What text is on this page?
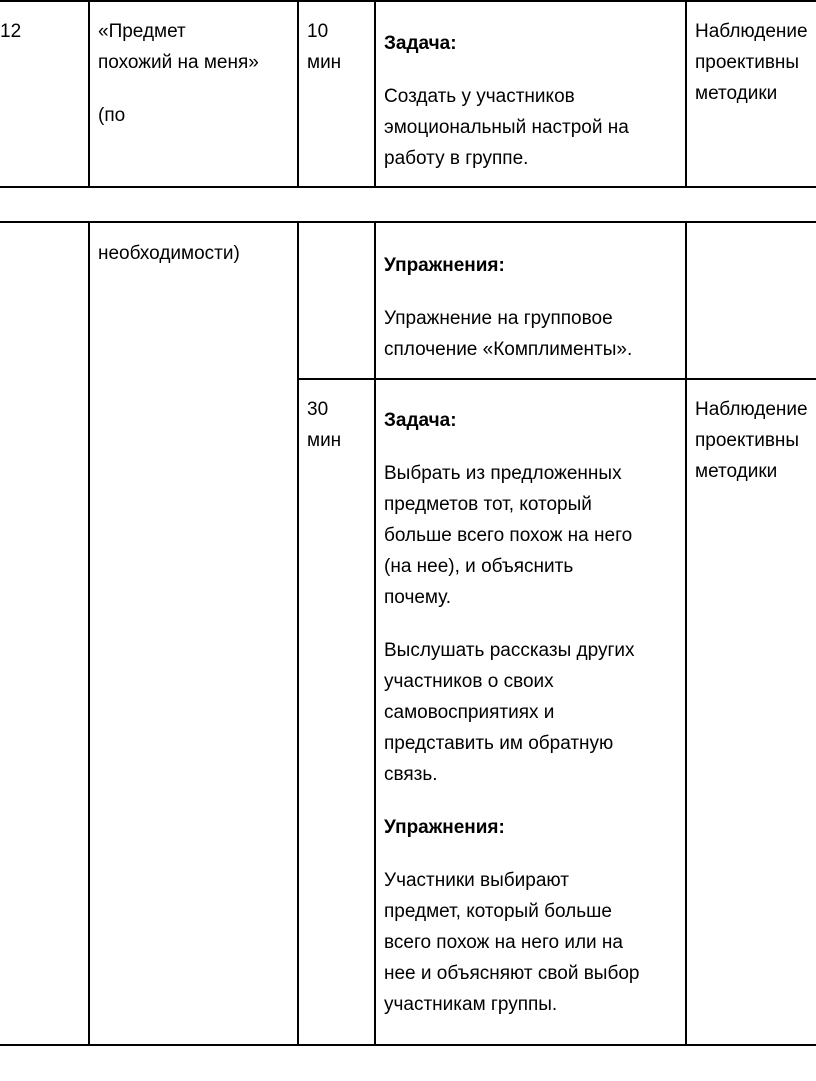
12	«Предмет

похожий на меня»

(по

10

мин

Задача:

Создать у участников

эмоциональный настрой на

работу в группе.

Наблюдение

проективны

методики

необходимости)

Упражнения:

Упражнение на групповое

сплочение «Комплименты».

30

мин

Задача:

Выбрать из предложенных

предметов тот, который

больше всего похож на него

(на нее), и объяснить

почему.

Выслушать рассказы других

участников о своих

самовосприятиях и

представить им обратную

связь.

Упражнения:

Участники выбирают

предмет, который больше

всего похож на него или на

нее и объясняют свой выбор

участникам группы.

Наблюдение

проективны

методики
